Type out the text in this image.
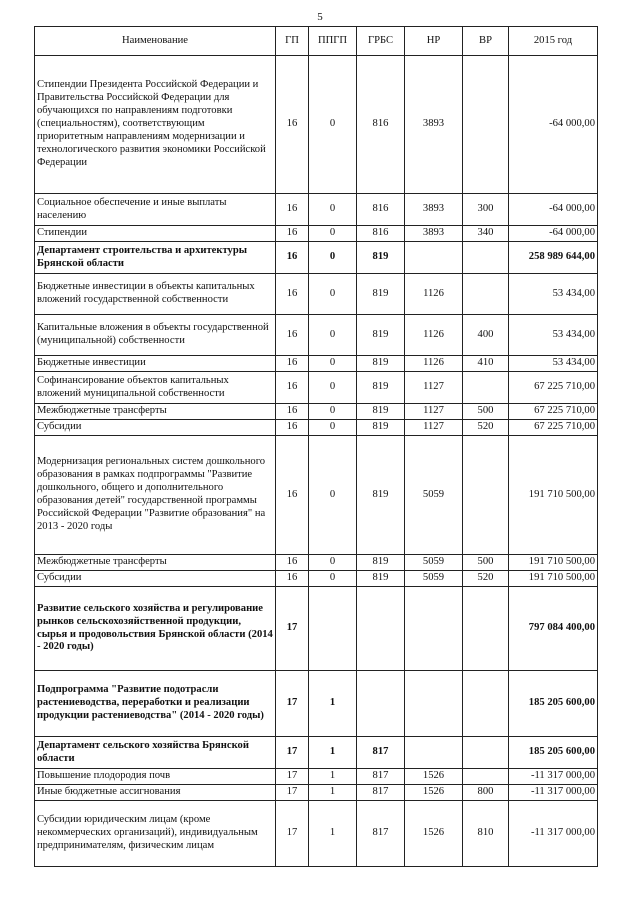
5
Наименование	ГП	ППГП	ГРБС	НР	ВР	2015 год
Стипендии Президента Российской Федерации и Правительства Российской Федерации для обучающихся по направлениям подготовки (специальностям), соответствующим приоритетным направлениям модернизации и технологического развития экономики Российской Федерации	16	0	816	3893		-64 000,00
Социальное обеспечение и иные выплаты населению	16	0	816	3893	300	-64 000,00
Стипендии	16	0	816	3893	340	-64 000,00
Департамент строительства и архитектуры Брянской области	16	0	819			258 989 644,00
Бюджетные инвестиции в объекты капитальных вложений государственной собственности	16	0	819	1126		53 434,00
Капитальные вложения в объекты государственной (муниципальной) собственности	16	0	819	1126	400	53 434,00
Бюджетные инвестиции	16	0	819	1126	410	53 434,00
Софинансирование объектов капитальных вложений муниципальной собственности	16	0	819	1127		67 225 710,00
Межбюджетные трансферты	16	0	819	1127	500	67 225 710,00
Субсидии	16	0	819	1127	520	67 225 710,00
Модернизация региональных систем дошкольного образования в рамках подпрограммы "Развитие дошкольного, общего и дополнительного образования детей" государственной программы Российской Федерации "Развитие образования" на 2013 - 2020 годы	16	0	819	5059		191 710 500,00
Межбюджетные трансферты	16	0	819	5059	500	191 710 500,00
Субсидии	16	0	819	5059	520	191 710 500,00
Развитие сельского хозяйства и регулирование рынков сельскохозяйственной продукции, сырья и продовольствия Брянской области (2014 - 2020 годы)	17					797 084 400,00
Подпрограмма "Развитие подотрасли растениеводства, переработки и реализации продукции растениеводства" (2014 - 2020 годы)	17	1				185 205 600,00
Департамент сельского хозяйства Брянской области	17	1	817			185 205 600,00
Повышение плодородия почв	17	1	817	1526		-11 317 000,00
Иные бюджетные ассигнования	17	1	817	1526	800	-11 317 000,00
Субсидии юридическим лицам (кроме некоммерческих организаций), индивидуальным предпринимателям, физическим лицам	17	1	817	1526	810	-11 317 000,00
